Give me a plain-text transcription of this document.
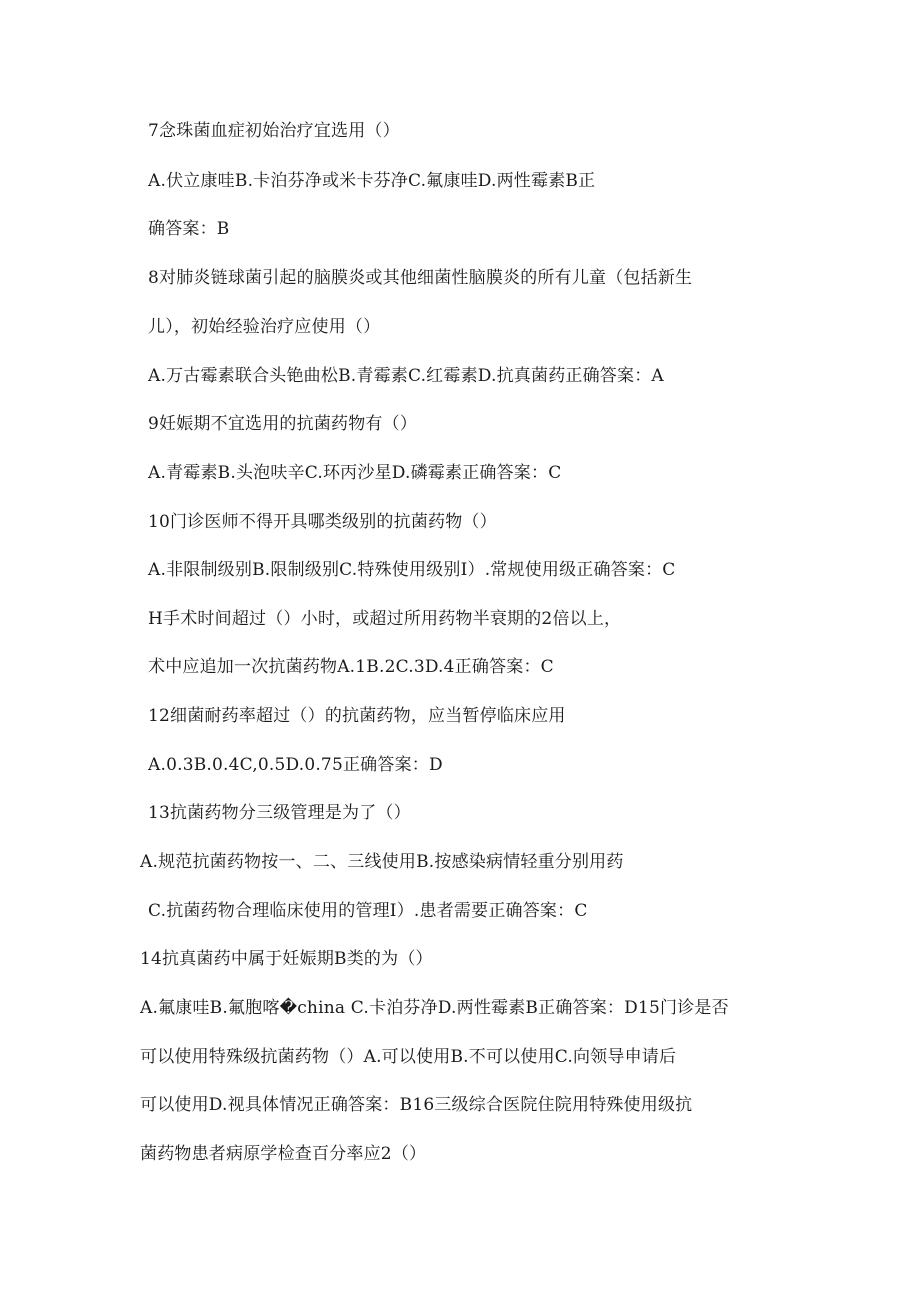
7念珠菌血症初始治疗宜选用（）
A.伏立康哇B.卡泊芬净或米卡芬净C.氟康哇D.两性霉素B正
确答案：B
8对肺炎链球菌引起的脑膜炎或其他细菌性脑膜炎的所有儿童（包括新生
儿），初始经验治疗应使用（）
A.万古霉素联合头铯曲松B.青霉素C.红霉素D.抗真菌药正确答案：A
9妊娠期不宜选用的抗菌药物有（）
A.青霉素B.头泡呋辛C.环丙沙星D.磷霉素正确答案：C
10门诊医师不得开具哪类级别的抗菌药物（）
A.非限制级别B.限制级别C.特殊使用级别I）.常规使用级正确答案：C
H手术时间超过（）小时，或超过所用药物半衰期的2倍以上，
术中应追加一次抗菌药物A.1B.2C.3D.4正确答案：C
12细菌耐药率超过（）的抗菌药物，应当暂停临床应用
A.0.3B.0.4C,0.5D.0.75正确答案：D
13抗菌药物分三级管理是为了（）
A.规范抗菌药物按一、二、三线使用B.按感染病情轻重分别用药
C.抗菌药物合理临床使用的管理I）.患者需要正确答案：C
14抗真菌药中属于妊娠期B类的为（）
A.氟康哇B.氟胞喀�china C.卡泊芬净D.两性霉素B正确答案：D15门诊是否
可以使用特殊级抗菌药物（）A.可以使用B.不可以使用C.向领导申请后
可以使用D.视具体情况正确答案：B16三级综合医院住院用特殊使用级抗
菌药物患者病原学检查百分率应2（）
